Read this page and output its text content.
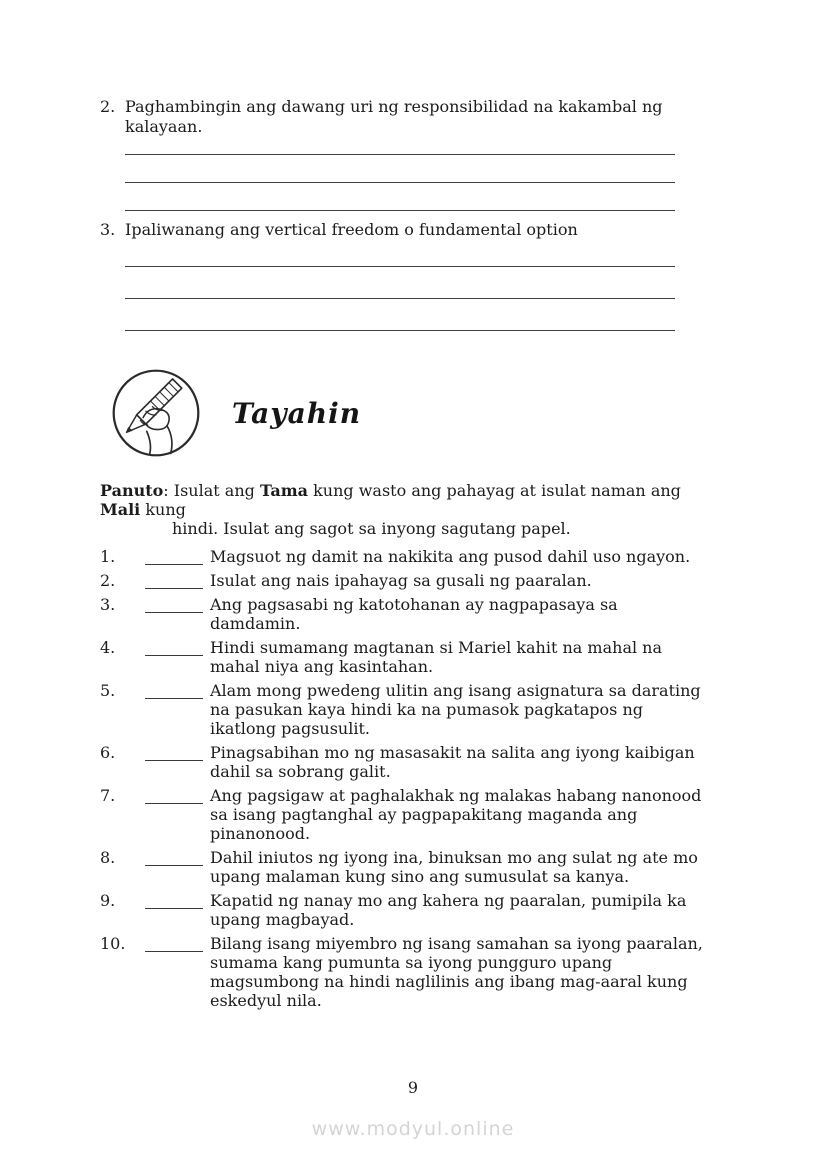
2. Paghambingin ang dawang uri ng responsibilidad na kakambal ng kalayaan.
3. Ipaliwanang ang vertical freedom o fundamental option
Tayahin
Panuto: Isulat ang Tama kung wasto ang pahayag at isulat naman ang Mali kung
hindi. Isulat ang sagot sa inyong sagutang papel.
1.	Magsuot ng damit na nakikita ang pusod dahil uso ngayon.
2.	Isulat ang nais ipahayag sa gusali ng paaralan.
3.	Ang pagsasabi ng katotohanan ay nagpapasaya sa damdamin.
4.	Hindi sumamang magtanan si Mariel kahit na mahal na
mahal niya ang kasintahan.
5.	Alam mong pwedeng ulitin ang isang asignatura sa darating
na pasukan kaya hindi ka na pumasok pagkatapos ng
ikatlong pagsusulit.
6.	Pinagsabihan mo ng masasakit na salita ang iyong kaibigan
dahil sa sobrang galit.
7.	Ang pagsigaw at paghalakhak ng malakas habang nanonood
sa isang pagtanghal ay pagpapakitang maganda ang
pinanonood.
8.	Dahil iniutos ng iyong ina, binuksan mo ang sulat ng ate mo
upang malaman kung sino ang sumusulat sa kanya.
9.	Kapatid ng nanay mo ang kahera ng paaralan, pumipila ka
upang magbayad.
10.	Bilang isang miyembro ng isang samahan sa iyong paaralan,
sumama kang pumunta sa iyong pungguro upang
magsumbong na hindi naglilinis ang ibang mag-aaral kung
eskedyul nila.
9
www.modyul.online
